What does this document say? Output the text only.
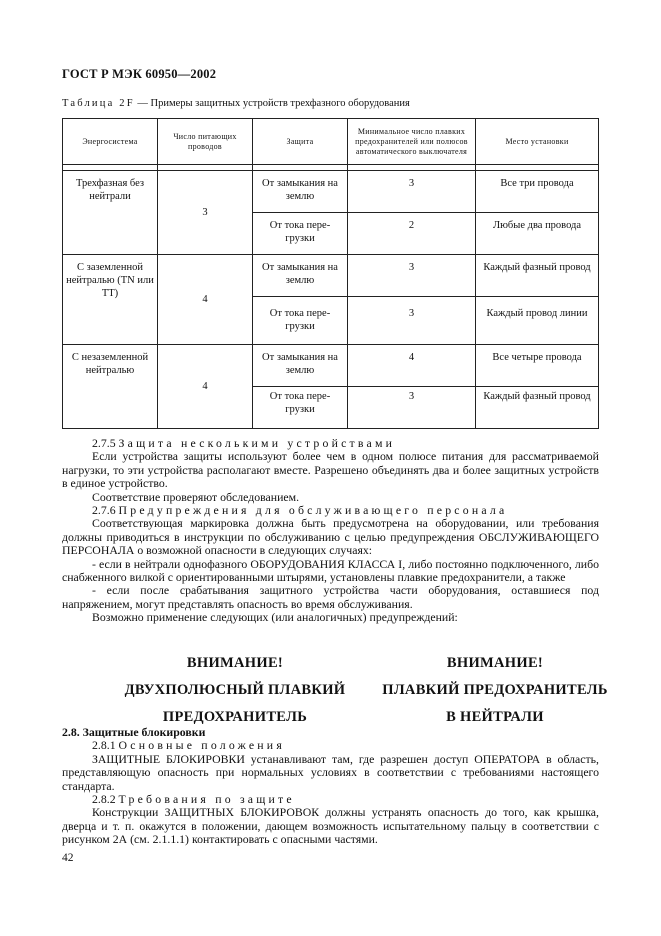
ГОСТ Р МЭК 60950—2002
Таблица 2F — Примеры защитных устройств трехфазного оборудования
Энергосистема	Число питающих проводов	Защита	Минимальное число плавких предохранителей или полюсов автоматического выключателя	Место установки

Трехфазная без нейтрали	3	От замыкания на землю	3	Все три провода
		От тока пере-грузки	2	Любые два провода
С заземленной нейтралью (TN или ТТ)	4	От замыкания на землю	3	Каждый фазный провод
		От тока пере-грузки	3	Каждый провод линии
С незаземленной нейтралью	4	От замыкания на землю	4	Все четыре провода
		От тока пере-грузки	3	Каждый фазный провод

2.7.5 Защита несколькими устройствами

Если устройства защиты используют более чем в одном полюсе питания для рассматриваемой нагрузки, то эти устройства располагают вместе. Разрешено объединять два и более защитных устройств в единое устройство.

Соответствие проверяют обследованием.

2.7.6 Предупреждения для обслуживающего персонала

Соответствующая маркировка должна быть предусмотрена на оборудовании, или требования должны приводиться в инструкции по обслуживанию с целью предупреждения ОБСЛУЖИВАЮЩЕГО ПЕРСОНАЛА о возможной опасности в следующих случаях:

- если в нейтрали однофазного ОБОРУДОВАНИЯ КЛАССА I, либо постоянно подключенного, либо снабженного вилкой с ориентированными штырями, установлены плавкие предохранители, а также

- если после срабатывания защитного устройства части оборудования, оставшиеся под напряжением, могут представлять опасность во время обслуживания.

Возможно применение следующих (или аналогичных) предупреждений:

ВНИМАНИЕ!
ДВУХПОЛЮСНЫЙ ПЛАВКИЙ
ПРЕДОХРАНИТЕЛЬ
ВНИМАНИЕ!
ПЛАВКИЙ ПРЕДОХРАНИТЕЛЬ
В НЕЙТРАЛИ

2.8. Защитные блокировки

2.8.1 Основные положения

ЗАЩИТНЫЕ БЛОКИРОВКИ устанавливают там, где разрешен доступ ОПЕРАТОРА в область, представляющую опасность при нормальных условиях в соответствии с требованиями настоящего стандарта.

2.8.2 Требования по защите

Конструкции ЗАЩИТНЫХ БЛОКИРОВОК должны устранять опасность до того, как крышка, дверца и т. п. окажутся в положении, дающем возможность испытательному пальцу в соответствии с рисунком 2А (см. 2.1.1.1) контактировать с опасными частями.

42
